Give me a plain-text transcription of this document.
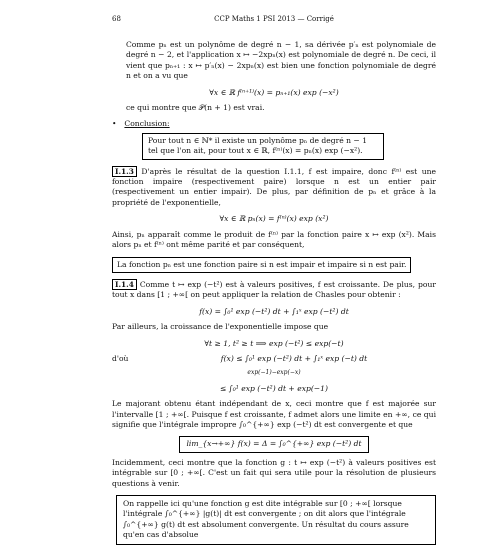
68	CCP Maths 1 PSI 2013 — Corrigé

Comme pₙ est un polynôme de degré n − 1, sa dérivée p′ₙ est polynomiale de degré n − 2, et l'application x ↦ −2xpₙ(x) est polynomiale de degré n. De ceci, il vient que pₙ₊₁ : x ↦ p′ₙ(x) − 2xpₙ(x) est bien une fonction polynomiale de degré n et on a vu que

∀x ∈ ℝ f⁽ⁿ⁺¹⁾(x) = pₙ₊₁(x) exp (−x²)

ce qui montre que 𝒫(n + 1) est vrai.

• Conclusion:
Pour tout n ∈ ℕ* il existe un polynôme pₙ de degré n − 1 tel que l'on ait, pour tout x ∈ ℝ, f⁽ⁿ⁾(x) = pₙ(x) exp (−x²).

I.1.3 D'après le résultat de la question I.1.1, f est impaire, donc f⁽ⁿ⁾ est une fonction impaire (respectivement paire) lorsque n est un entier pair (respectivement un entier impair). De plus, par définition de pₙ et grâce à la propriété de l'exponentielle,

∀x ∈ ℝ pₙ(x) = f⁽ⁿ⁾(x) exp (x²)

Ainsi, pₙ apparaît comme le produit de f⁽ⁿ⁾ par la fonction paire x ↦ exp (x²). Mais alors pₙ et f⁽ⁿ⁾ ont même parité et par conséquent,

La fonction pₙ est une fonction paire si n est impair et impaire si n est pair.

I.1.4 Comme t ↦ exp (−t²) est à valeurs positives, f est croissante. De plus, pour tout x dans [1 ; +∞[ on peut appliquer la relation de Chasles pour obtenir :

f(x) = ∫₀¹ exp (−t²) dt + ∫₁ˣ exp (−t²) dt

Par ailleurs, la croissance de l'exponentielle impose que

∀t ≥ 1, t² ≥ t ⟹ exp (−t²) ≤ exp(−t)
d'où	f(x) ≤ ∫₀¹ exp (−t²) dt + ∫₁ˣ exp (−t) dt
exp(−1)−exp(−x)
≤ ∫₀¹ exp (−t²) dt + exp(−1)

Le majorant obtenu étant indépendant de x, ceci montre que f est majorée sur l'intervalle [1 ; +∞[. Puisque f est croissante, f admet alors une limite en +∞, ce qui signifie que l'intégrale impropre ∫₀^{+∞} exp (−t²) dt est convergente et que

lim_{x→+∞} f(x) = Δ = ∫₀^{+∞} exp (−t²) dt

Incidemment, ceci montre que la fonction g : t ↦ exp (−t²) à valeurs positives est intégrable sur [0 ; +∞[. C'est un fait qui sera utile pour la résolution de plusieurs questions à venir.

On rappelle ici qu'une fonction g est dite intégrable sur [0 ; +∞[ lorsque l'intégrale ∫₀^{+∞} |g(t)| dt est convergente ; on dit alors que l'intégrale ∫₀^{+∞} g(t) dt est absolument convergente. Un résultat du cours assure qu'en cas d'absolue
